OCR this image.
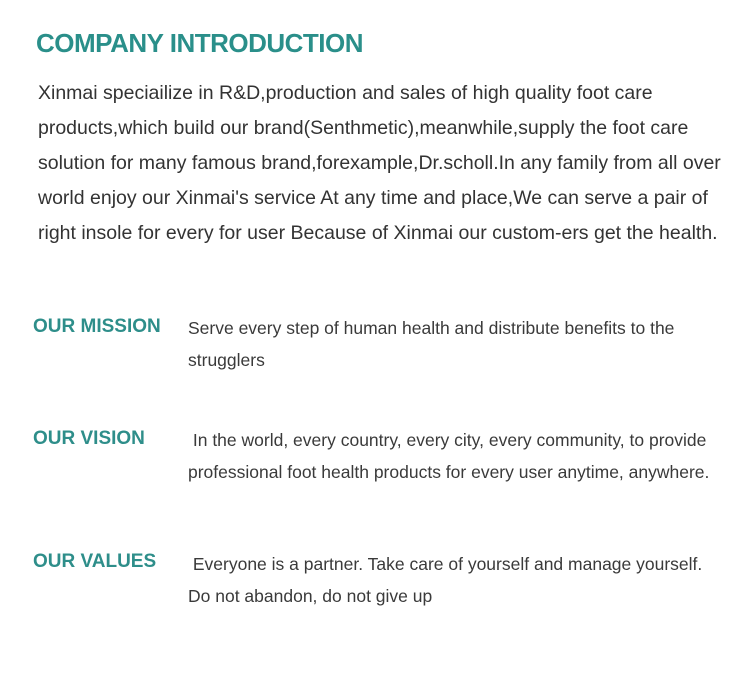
COMPANY INTRODUCTION

Xinmai speciailize in R&D,production and sales of high quality foot care products,which build our brand(Senthmetic),meanwhile,supply the foot care solution for many famous brand,forexample,Dr.scholl.In any family from all over world enjoy our Xinmai's service At any time and place,We can serve a pair of right insole for every for user Because of Xinmai our custom-ers get the health.

OUR MISSION Serve every step of human health and distribute benefits to the strugglers

OUR VISION In the world, every country, every city, every community, to provide professional foot health products for every user anytime, anywhere.

OUR VALUES Everyone is a partner. Take care of yourself and manage yourself. Do not abandon, do not give up
